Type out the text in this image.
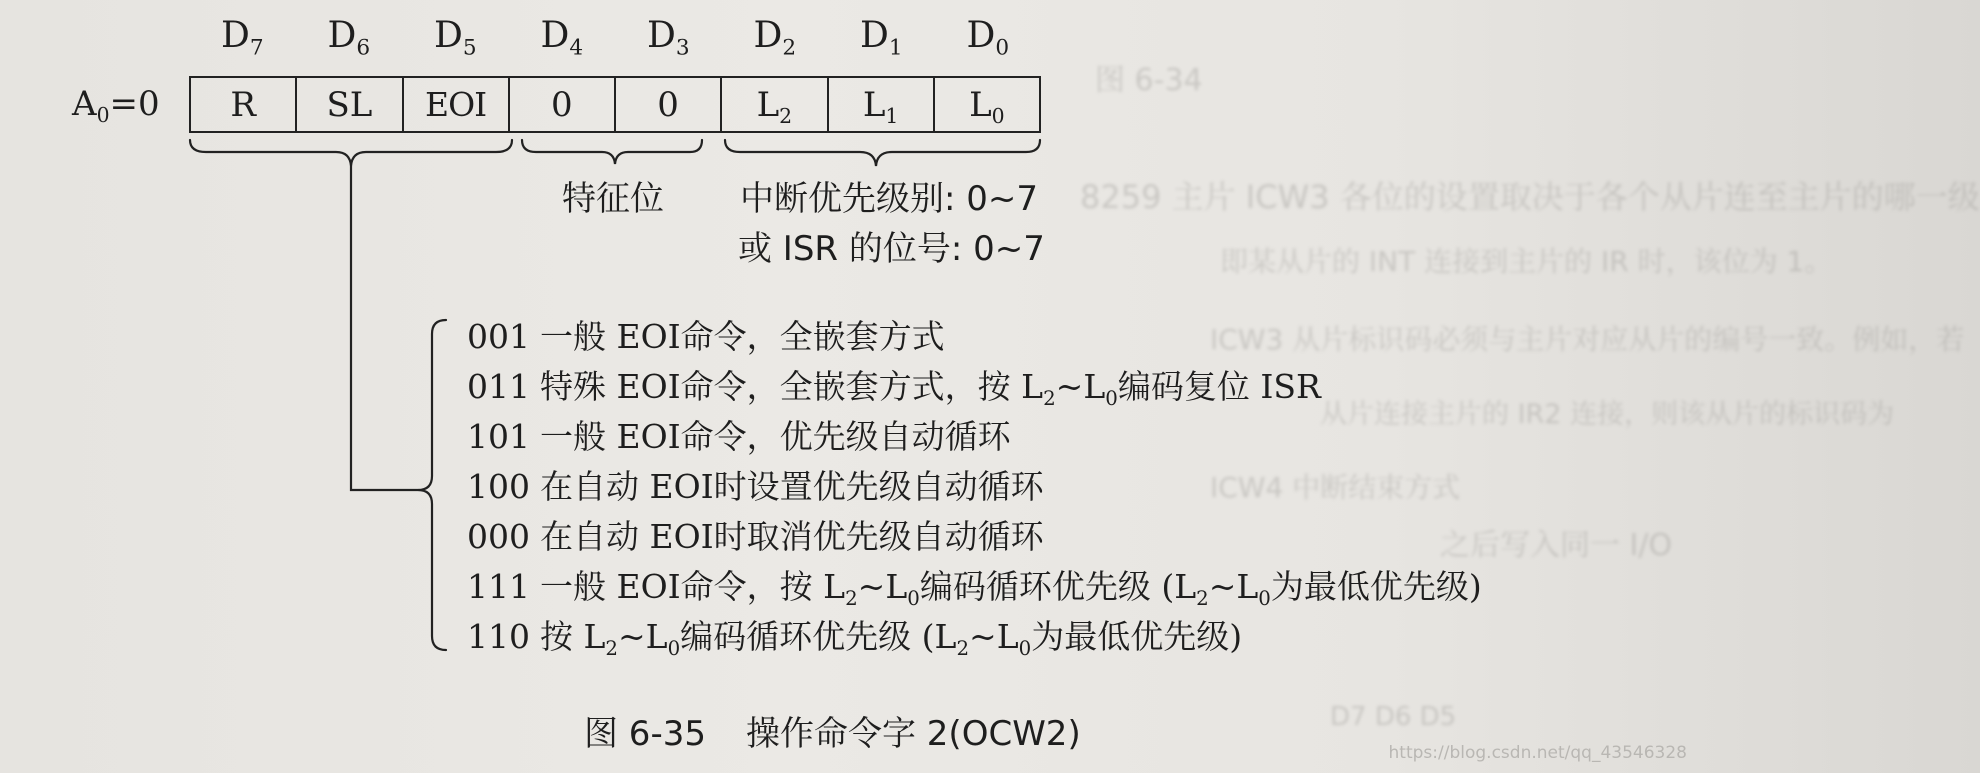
图 6-34
8259 主片 ICW3 各位的设置取决于各个从片连至主片的哪一级
即某从片的 INT 连接到主片的 IR 时，该位为 1。
ICW3 从片标识码必须与主片对应从片的编号一致。例如，若
从片连接主片的 IR2 连接，则该从片的标识码为
ICW4 中断结束方式
之后写入同一 I/O
D7 D6 D5
$D_7$	$D_6$	$D_5$	$D_4$	$D_3$	$D_2$	$D_1$	$D_0$
$A_0=0$	R	SL	EOI	0	0	$L_2$	$L_1$	$L_0$
特征位 中断优先级别: 0~7
或 ISR 的位号: 0~7
001 一般 EOI命令，全嵌套方式
011 特殊 EOI命令，全嵌套方式，按 $L_2\sim L_0$编码复位 ISR
101 一般 EOI命令，优先级自动循环
100 在自动 EOI时设置优先级自动循环
000 在自动 EOI时取消优先级自动循环
111 一般 EOI命令，按 $L_2\sim L_0$编码循环优先级 ($L_2\sim L_0$为最低优先级)
110 按 $L_2\sim L_0$编码循环优先级 ($L_2\sim L_0$为最低优先级)
图 6-35 操作命令字 2(OCW2)	https://blog.csdn.net/qq_43546328
